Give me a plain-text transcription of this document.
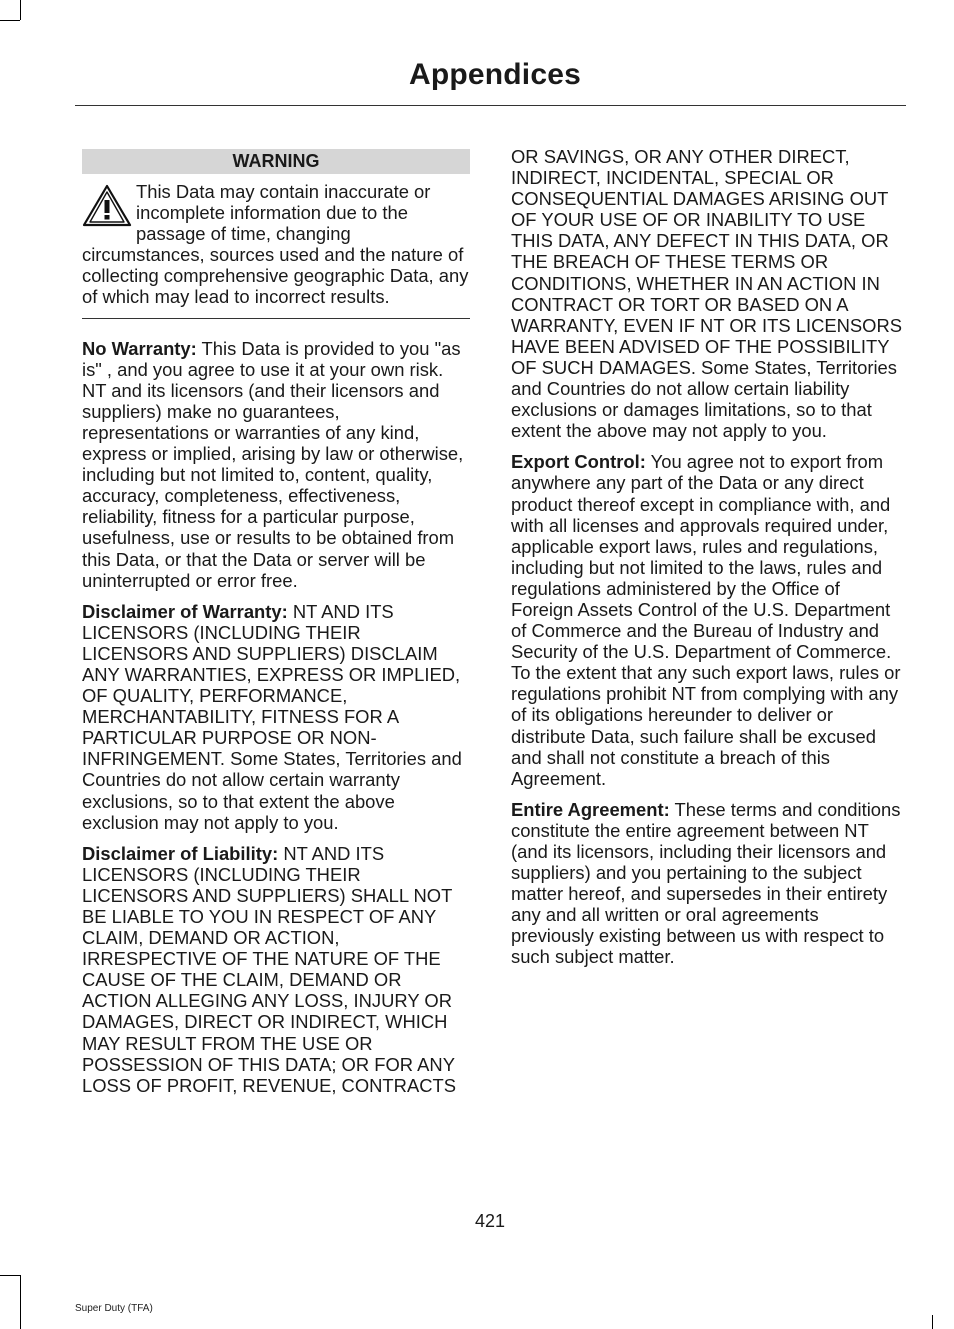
Appendices
WARNING
This Data may contain inaccurate or incomplete information due to the passage of time, changing circumstances, sources used and the nature of collecting comprehensive geographic Data, any of which may lead to incorrect results.

No Warranty: This Data is provided to you "as is" , and you agree to use it at your own risk. NT and its licensors (and their licensors and suppliers) make no guarantees, representations or warranties of any kind, express or implied, arising by law or otherwise, including but not limited to, content, quality, accuracy, completeness, effectiveness, reliability, fitness for a particular purpose, usefulness, use or results to be obtained from this Data, or that the Data or server will be uninterrupted or error free.

Disclaimer of Warranty: NT AND ITS LICENSORS (INCLUDING THEIR LICENSORS AND SUPPLIERS) DISCLAIM ANY WARRANTIES, EXPRESS OR IMPLIED, OF QUALITY, PERFORMANCE, MERCHANTABILITY, FITNESS FOR A PARTICULAR PURPOSE OR NON-INFRINGEMENT. Some States, Territories and Countries do not allow certain warranty exclusions, so to that extent the above exclusion may not apply to you.

Disclaimer of Liability: NT AND ITS LICENSORS (INCLUDING THEIR LICENSORS AND SUPPLIERS) SHALL NOT BE LIABLE TO YOU IN RESPECT OF ANY CLAIM, DEMAND OR ACTION, IRRESPECTIVE OF THE NATURE OF THE CAUSE OF THE CLAIM, DEMAND OR ACTION ALLEGING ANY LOSS, INJURY OR DAMAGES, DIRECT OR INDIRECT, WHICH MAY RESULT FROM THE USE OR POSSESSION OF THIS DATA; OR FOR ANY LOSS OF PROFIT, REVENUE, CONTRACTS

OR SAVINGS, OR ANY OTHER DIRECT, INDIRECT, INCIDENTAL, SPECIAL OR CONSEQUENTIAL DAMAGES ARISING OUT OF YOUR USE OF OR INABILITY TO USE THIS DATA, ANY DEFECT IN THIS DATA, OR THE BREACH OF THESE TERMS OR CONDITIONS, WHETHER IN AN ACTION IN CONTRACT OR TORT OR BASED ON A WARRANTY, EVEN IF NT OR ITS LICENSORS HAVE BEEN ADVISED OF THE POSSIBILITY OF SUCH DAMAGES. Some States, Territories and Countries do not allow certain liability exclusions or damages limitations, so to that extent the above may not apply to you.

Export Control: You agree not to export from anywhere any part of the Data or any direct product thereof except in compliance with, and with all licenses and approvals required under, applicable export laws, rules and regulations, including but not limited to the laws, rules and regulations administered by the Office of Foreign Assets Control of the U.S. Department of Commerce and the Bureau of Industry and Security of the U.S. Department of Commerce. To the extent that any such export laws, rules or regulations prohibit NT from complying with any of its obligations hereunder to deliver or distribute Data, such failure shall be excused and shall not constitute a breach of this Agreement.

Entire Agreement: These terms and conditions constitute the entire agreement between NT (and its licensors, including their licensors and suppliers) and you pertaining to the subject matter hereof, and supersedes in their entirety any and all written or oral agreements previously existing between us with respect to such subject matter.

421
Super Duty (TFA)
